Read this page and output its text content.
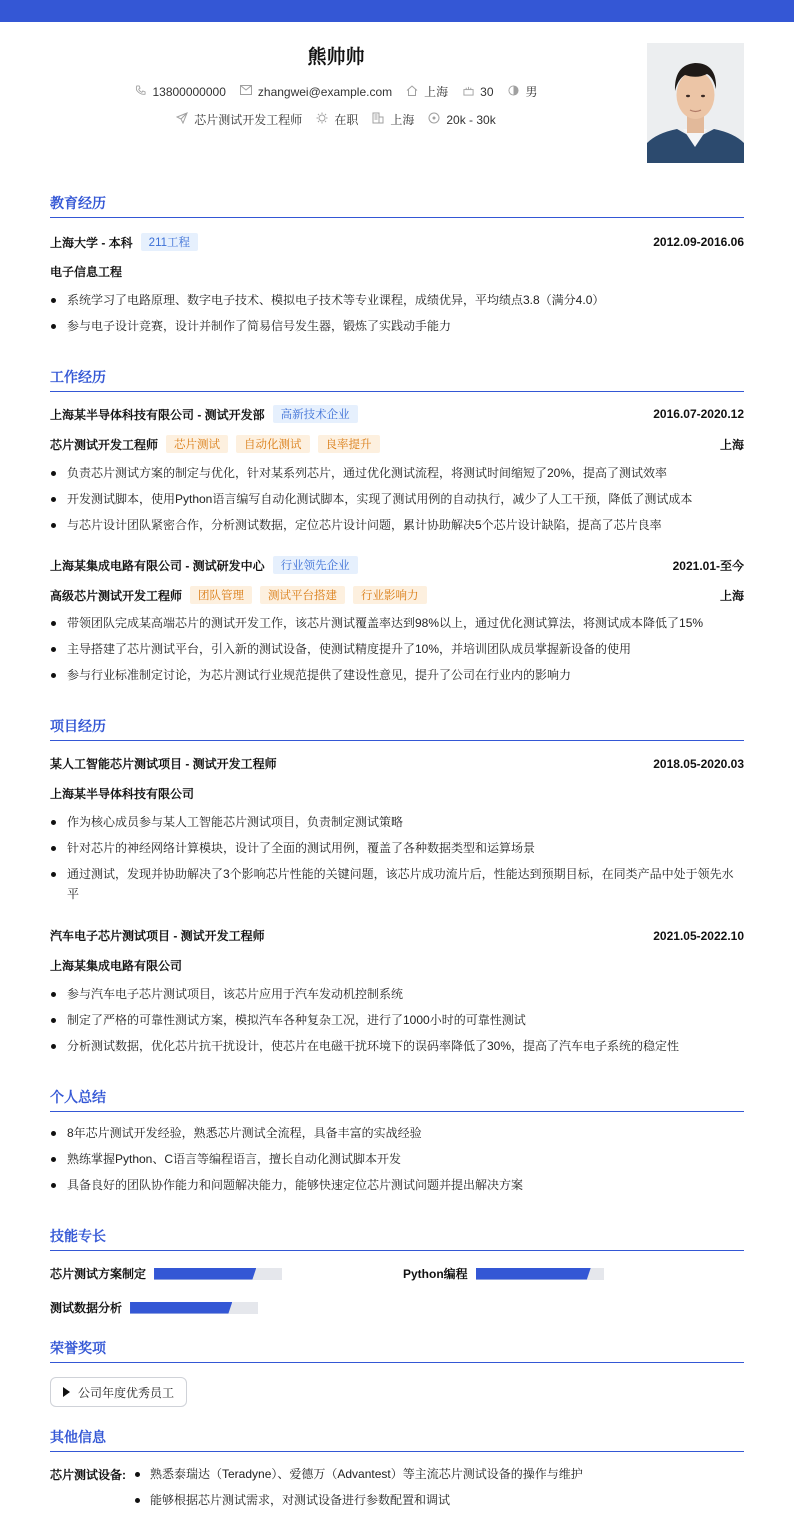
熊帅帅
13800000000	zhangwei@example.com	上海	30	男
芯片测试开发工程师	在职	上海	20k - 30k
教育经历
上海大学 - 本科	211工程	2012.09-2016.06
电子信息工程
系统学习了电路原理、数字电子技术、模拟电子技术等专业课程，成绩优异，平均绩点3.8（满分4.0）
参与电子设计竞赛，设计并制作了简易信号发生器，锻炼了实践动手能力
工作经历
上海某半导体科技有限公司 - 测试开发部	高新技术企业	2016.07-2020.12
芯片测试开发工程师	芯片测试	自动化测试	良率提升	上海
负责芯片测试方案的制定与优化，针对某系列芯片，通过优化测试流程，将测试时间缩短了20%，提高了测试效率
开发测试脚本，使用Python语言编写自动化测试脚本，实现了测试用例的自动执行，减少了人工干预，降低了测试成本
与芯片设计团队紧密合作，分析测试数据，定位芯片设计问题，累计协助解决5个芯片设计缺陷，提高了芯片良率
上海某集成电路有限公司 - 测试研发中心	行业领先企业	2021.01-至今
高级芯片测试开发工程师	团队管理	测试平台搭建	行业影响力	上海
带领团队完成某高端芯片的测试开发工作，该芯片测试覆盖率达到98%以上，通过优化测试算法，将测试成本降低了15%
主导搭建了芯片测试平台，引入新的测试设备，使测试精度提升了10%，并培训团队成员掌握新设备的使用
参与行业标准制定讨论，为芯片测试行业规范提供了建设性意见，提升了公司在行业内的影响力
项目经历
某人工智能芯片测试项目 - 测试开发工程师	2018.05-2020.03
上海某半导体科技有限公司
作为核心成员参与某人工智能芯片测试项目，负责制定测试策略
针对芯片的神经网络计算模块，设计了全面的测试用例，覆盖了各种数据类型和运算场景
通过测试，发现并协助解决了3个影响芯片性能的关键问题，该芯片成功流片后，性能达到预期目标，在同类产品中处于领先水平
汽车电子芯片测试项目 - 测试开发工程师	2021.05-2022.10
上海某集成电路有限公司
参与汽车电子芯片测试项目，该芯片应用于汽车发动机控制系统
制定了严格的可靠性测试方案，模拟汽车各种复杂工况，进行了1000小时的可靠性测试
分析测试数据，优化芯片抗干扰设计，使芯片在电磁干扰环境下的误码率降低了30%，提高了汽车电子系统的稳定性
个人总结
8年芯片测试开发经验，熟悉芯片测试全流程，具备丰富的实战经验
熟练掌握Python、C语言等编程语言，擅长自动化测试脚本开发
具备良好的团队协作能力和问题解决能力，能够快速定位芯片测试问题并提出解决方案
技能专长
芯片测试方案制定	Python编程
测试数据分析
荣誉奖项
公司年度优秀员工
其他信息
芯片测试设备:	熟悉泰瑞达（Teradyne）、爱德万（Advantest）等主流芯片测试设备的操作与维护
能够根据芯片测试需求，对测试设备进行参数配置和调试
